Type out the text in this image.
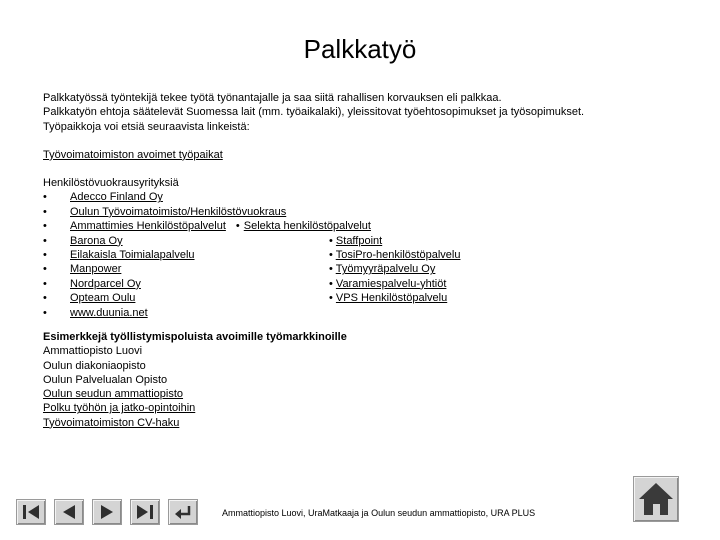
Palkkatyö

Palkkatyössä työntekijä tekee työtä työnantajalle ja saa siitä rahallisen korvauksen eli palkkaa.

Palkkatyön ehtoja säätelevät Suomessa lait (mm. työaikalaki), yleissitovat työehtosopimukset ja työsopimukset.

Työpaikkoja voi etsiä seuraavista linkeistä:

Työvoimatoimiston avoimet työpaikat

Henkilöstövuokrausyrityksiä

• Adecco Finland Oy
• Oulun Työvoimatoimisto/Henkilöstövuokraus
• Ammattimies Henkilöstöpalvelut • Selekta henkilöstöpalvelut
• Barona Oy	• Staffpoint
• Eilakaisla Toimialapalvelu	• TosiPro-henkilöstöpalvelu
• Manpower	• Työmyyräpalvelu Oy
• Nordparcel Oy	• Varamiespalvelu-yhtiöt
• Opteam Oulu	• VPS Henkilöstöpalvelu
• www.duunia.net

Esimerkkejä työllistymispoluista avoimille työmarkkinoille

Ammattiopisto Luovi

Oulun diakoniaopisto

Oulun Palvelualan Opisto

Oulun seudun ammattiopisto

Polku työhön ja jatko-opintoihin

Työvoimatoimiston CV-haku

Ammattiopisto Luovi, UraMatkaaja ja Oulun seudun ammattiopisto, URA PLUS
